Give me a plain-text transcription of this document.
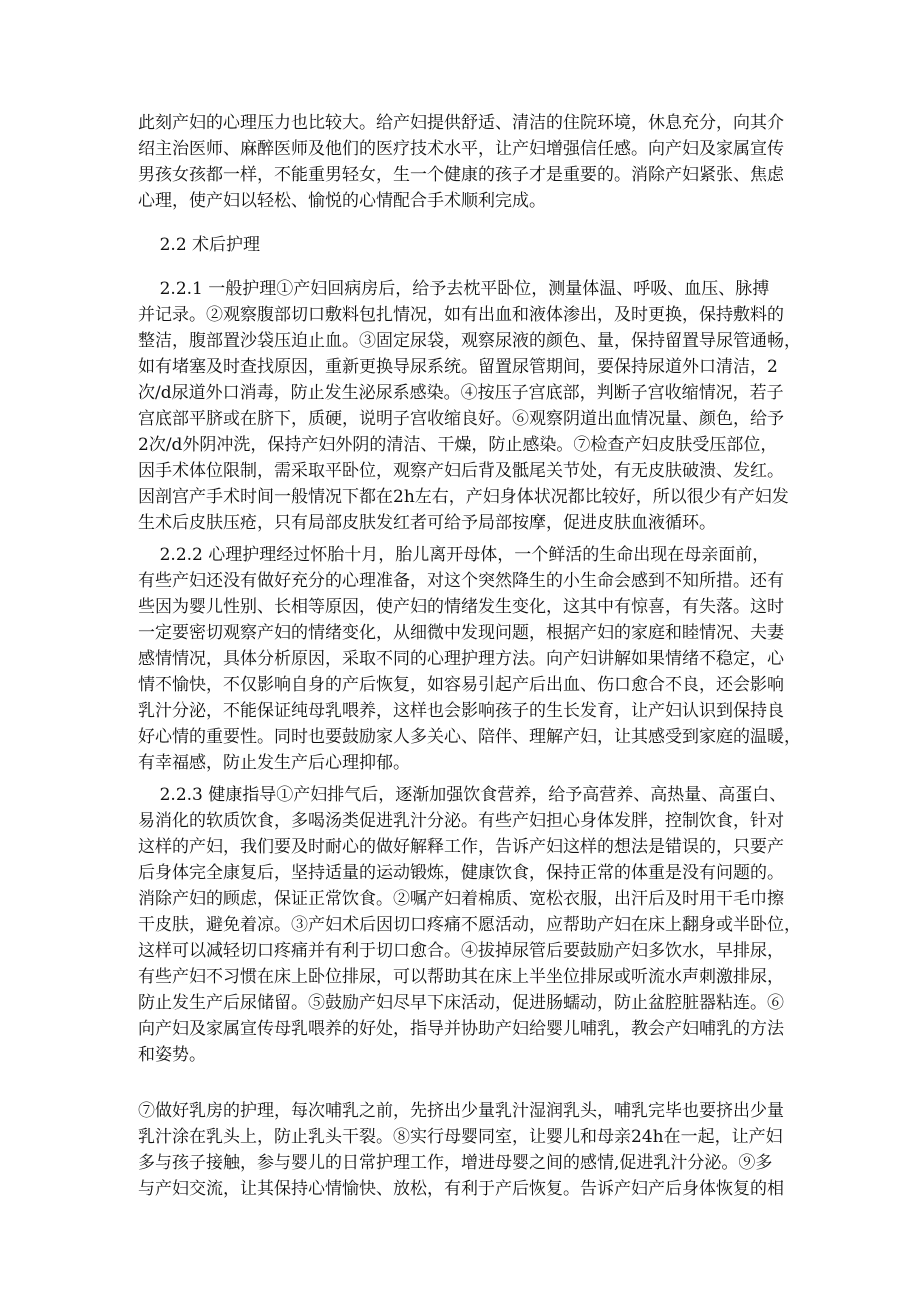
此刻产妇的心理压力也比较大。给产妇提供舒适、清洁的住院环境，休息充分，向其介
绍主治医师、麻醉医师及他们的医疗技术水平，让产妇增强信任感。向产妇及家属宣传
男孩女孩都一样，不能重男轻女，生一个健康的孩子才是重要的。消除产妇紧张、焦虑
心理，使产妇以轻松、愉悦的心情配合手术顺利完成。
2.2 术后护理
2.2.1 一般护理①产妇回病房后，给予去枕平卧位，测量体温、呼吸、血压、脉搏
并记录。②观察腹部切口敷料包扎情况，如有出血和液体渗出，及时更换，保持敷料的
整洁，腹部置沙袋压迫止血。③固定尿袋，观察尿液的颜色、量，保持留置导尿管通畅，
如有堵塞及时查找原因，重新更换导尿系统。留置尿管期间，要保持尿道外口清洁，2
次/d尿道外口消毒，防止发生泌尿系感染。④按压子宫底部，判断子宫收缩情况，若子
宫底部平脐或在脐下，质硬，说明子宫收缩良好。⑥观察阴道出血情况量、颜色，给予
2次/d外阴冲洗，保持产妇外阴的清洁、干燥，防止感染。⑦检查产妇皮肤受压部位，
因手术体位限制，需采取平卧位，观察产妇后背及骶尾关节处，有无皮肤破溃、发红。
因剖宫产手术时间一般情况下都在2h左右，产妇身体状况都比较好，所以很少有产妇发
生术后皮肤压疮，只有局部皮肤发红者可给予局部按摩，促进皮肤血液循环。
2.2.2 心理护理经过怀胎十月，胎儿离开母体，一个鲜活的生命出现在母亲面前，
有些产妇还没有做好充分的心理准备，对这个突然降生的小生命会感到不知所措。还有
些因为婴儿性别、长相等原因，使产妇的情绪发生变化，这其中有惊喜，有失落。这时
一定要密切观察产妇的情绪变化，从细微中发现问题，根据产妇的家庭和睦情况、夫妻
感情情况，具体分析原因，采取不同的心理护理方法。向产妇讲解如果情绪不稳定，心
情不愉快，不仅影响自身的产后恢复，如容易引起产后出血、伤口愈合不良，还会影响
乳汁分泌，不能保证纯母乳喂养，这样也会影响孩子的生长发育，让产妇认识到保持良
好心情的重要性。同时也要鼓励家人多关心、陪伴、理解产妇，让其感受到家庭的温暖，
有幸福感，防止发生产后心理抑郁。
2.2.3 健康指导①产妇排气后，逐渐加强饮食营养，给予高营养、高热量、高蛋白、
易消化的软质饮食，多喝汤类促进乳汁分泌。有些产妇担心身体发胖，控制饮食，针对
这样的产妇，我们要及时耐心的做好解释工作，告诉产妇这样的想法是错误的，只要产
后身体完全康复后，坚持适量的运动锻炼，健康饮食，保持正常的体重是没有问题的。
消除产妇的顾虑，保证正常饮食。②嘱产妇着棉质、宽松衣服，出汗后及时用干毛巾擦
干皮肤，避免着凉。③产妇术后因切口疼痛不愿活动，应帮助产妇在床上翻身或半卧位，
这样可以减轻切口疼痛并有利于切口愈合。④拔掉尿管后要鼓励产妇多饮水，早排尿，
有些产妇不习惯在床上卧位排尿，可以帮助其在床上半坐位排尿或听流水声刺激排尿，
防止发生产后尿储留。⑤鼓励产妇尽早下床活动，促进肠蠕动，防止盆腔脏器粘连。⑥
向产妇及家属宣传母乳喂养的好处，指导并协助产妇给婴儿哺乳，教会产妇哺乳的方法
和姿势。
⑦做好乳房的护理，每次哺乳之前，先挤出少量乳汁湿润乳头，哺乳完毕也要挤出少量
乳汁涂在乳头上，防止乳头干裂。⑧实行母婴同室，让婴儿和母亲24h在一起，让产妇
多与孩子接触，参与婴儿的日常护理工作，增进母婴之间的感情,促进乳汁分泌。⑨多
与产妇交流，让其保持心情愉快、放松，有利于产后恢复。告诉产妇产后身体恢复的相
